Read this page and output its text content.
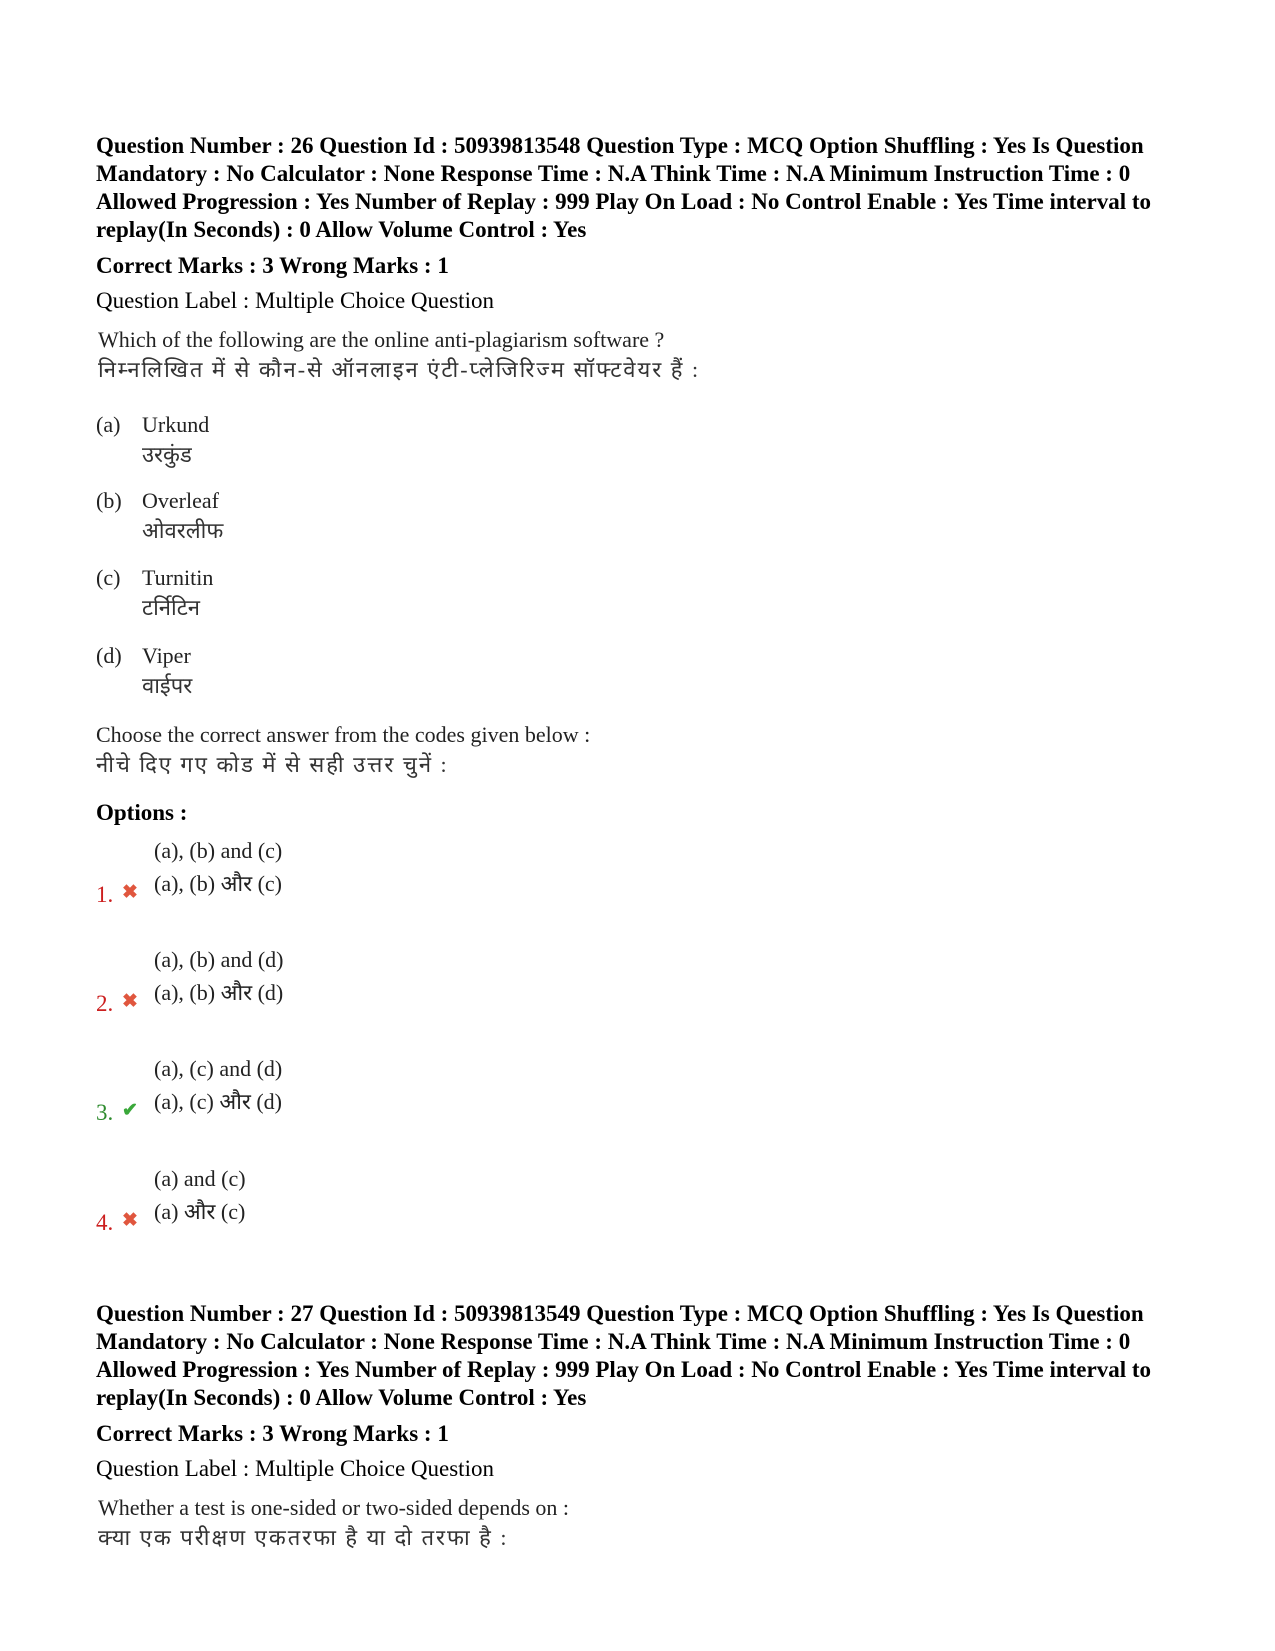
Question Number : 26 Question Id : 50939813548 Question Type : MCQ Option Shuffling : Yes Is Question Mandatory : No Calculator : None Response Time : N.A Think Time : N.A Minimum Instruction Time : 0 Allowed Progression : Yes Number of Replay : 999 Play On Load : No Control Enable : Yes Time interval to replay(In Seconds) : 0 Allow Volume Control : Yes

Correct Marks : 3 Wrong Marks : 1

Question Label : Multiple Choice Question

Which of the following are the online anti-plagiarism software ?
निम्नलिखित में से कौन-से ऑनलाइन एंटी-प्लेजिरिज्म सॉफ्टवेयर हैं :
(a) Urkund
उरकुंड
(b) Overleaf
ओवरलीफ
(c) Turnitin
टर्निटिन
(d) Viper
वाईपर
Choose the correct answer from the codes given below :
नीचे दिए गए कोड में से सही उत्तर चुनें :
Options :
1. ✖
(a), (b) and (c)
(a), (b) और (c)
2. ✖
(a), (b) and (d)
(a), (b) और (d)
3. ✔
(a), (c) and (d)
(a), (c) और (d)
4. ✖
(a) and (c)
(a) और (c)

Question Number : 27 Question Id : 50939813549 Question Type : MCQ Option Shuffling : Yes Is Question Mandatory : No Calculator : None Response Time : N.A Think Time : N.A Minimum Instruction Time : 0 Allowed Progression : Yes Number of Replay : 999 Play On Load : No Control Enable : Yes Time interval to replay(In Seconds) : 0 Allow Volume Control : Yes

Correct Marks : 3 Wrong Marks : 1

Question Label : Multiple Choice Question

Whether a test is one-sided or two-sided depends on :
क्या एक परीक्षण एकतरफा है या दो तरफा है :
